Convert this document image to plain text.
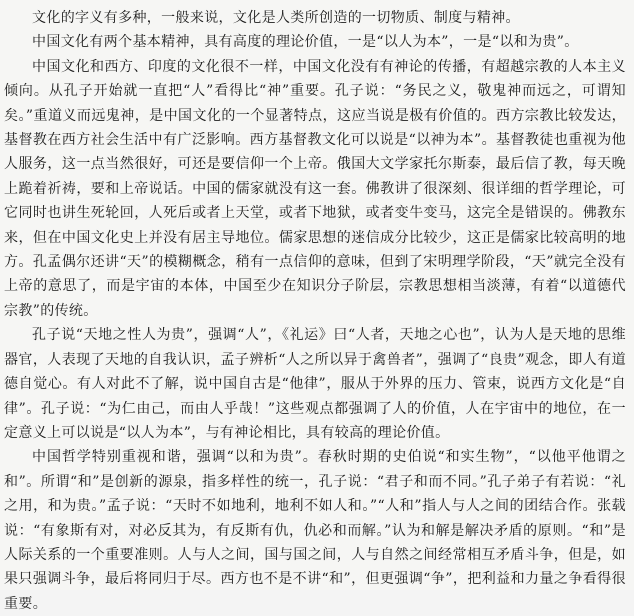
文化的字义有多种，一般来说，文化是人类所创造的一切物质、制度与精神。

中国文化有两个基本精神，具有高度的理论价值，一是“以人为本”，一是“以和为贵”。

中国文化和西方、印度的文化很不一样，中国文化没有有神论的传播，有超越宗教的人本主义倾向。从孔子开始就一直把“人”看得比“神”重要。孔子说：“务民之义，敬鬼神而远之，可谓知矣。”重道义而远鬼神，是中国文化的一个显著特点，这应当说是极有价值的。西方宗教比较发达，基督教在西方社会生活中有广泛影响。西方基督教文化可以说是“以神为本”。基督教徒也重视为他人服务，这一点当然很好，可还是要信仰一个上帝。俄国大文学家托尔斯泰，最后信了教，每天晚上跪着祈祷，要和上帝说话。中国的儒家就没有这一套。佛教讲了很深刻、很详细的哲学理论，可它同时也讲生死轮回，人死后或者上天堂，或者下地狱，或者变牛变马，这完全是错误的。佛教东来，但在中国文化史上并没有居主导地位。儒家思想的迷信成分比较少，这正是儒家比较高明的地方。孔孟偶尔还讲“天”的模糊概念，稍有一点信仰的意味，但到了宋明理学阶段，“天”就完全没有上帝的意思了，而是宇宙的本体，中国至少在知识分子阶层，宗教思想相当淡薄，有着“以道德代宗教”的传统。

孔子说“天地之性人为贵”，强调“人”，《礼运》曰“人者，天地之心也”，认为人是天地的思维器官，人表现了天地的自我认识，孟子辨析“人之所以异于禽兽者”，强调了“良贵”观念，即人有道德自觉心。有人对此不了解，说中国自古是“他律”，服从于外界的压力、管束，说西方文化是“自律”。孔子说：“为仁由己，而由人乎哉！”这些观点都强调了人的价值，人在宇宙中的地位，在一定意义上可以说是“以人为本”，与有神论相比，具有较高的理论价值。

中国哲学特别重视和谐，强调“以和为贵”。春秋时期的史伯说“和实生物”，“以他平他谓之和”。所谓“和”是创新的源泉，指多样性的统一，孔子说：“君子和而不同。”孔子弟子有若说：“礼之用，和为贵。”孟子说：“天时不如地利，地利不如人和。”“人和”指人与人之间的团结合作。张载说：“有象斯有对，对必反其为，有反斯有仇，仇必和而解。”认为和解是解决矛盾的原则。“和”是人际关系的一个重要准则。人与人之间，国与国之间，人与自然之间经常相互矛盾斗争，但是，如果只强调斗争，最后将同归于尽。西方也不是不讲“和”，但更强调“争”，把利益和力量之争看得很重要。
